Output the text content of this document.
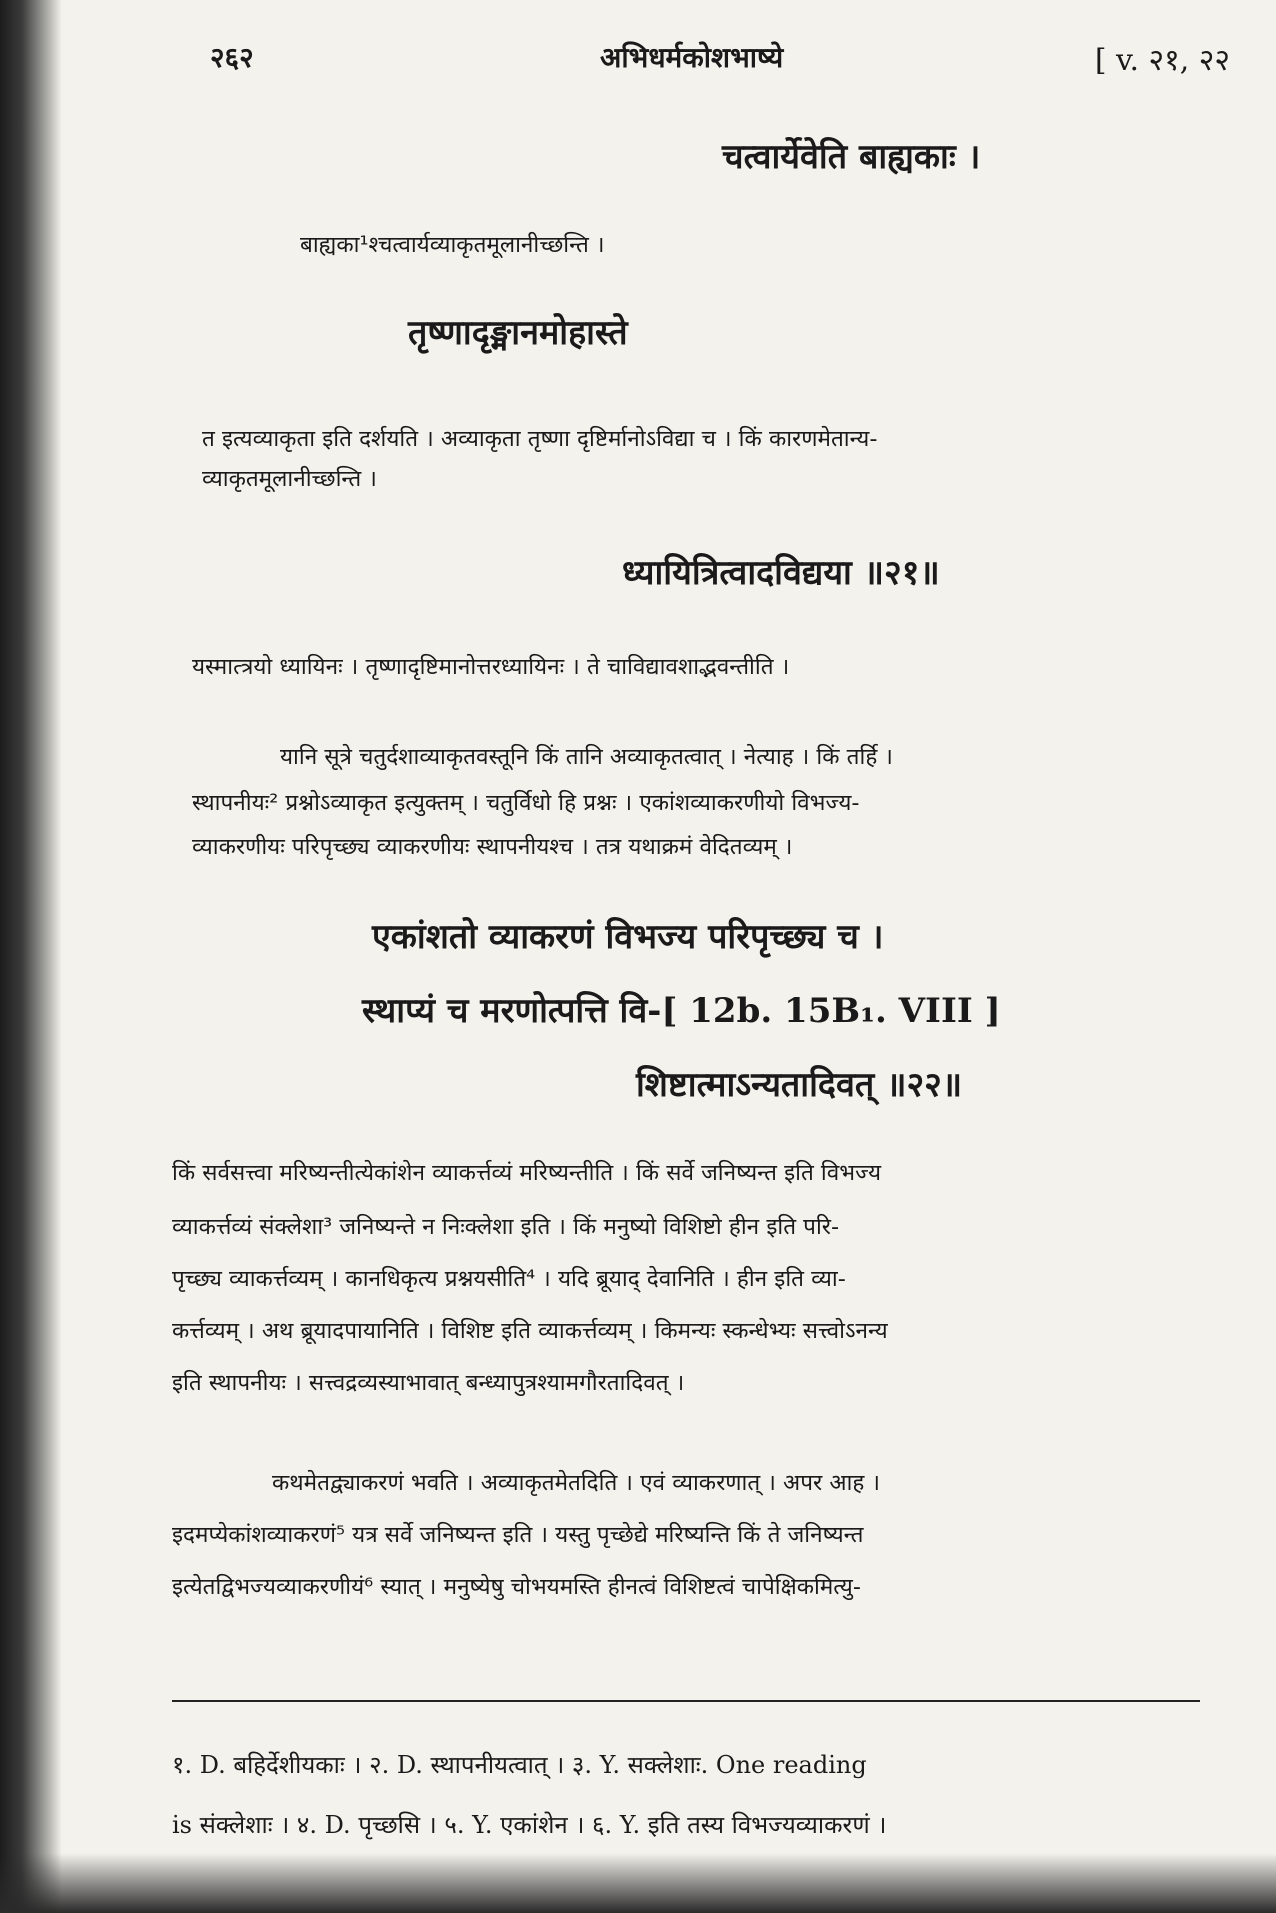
२६२	अभिधर्मकोशभाष्ये	[ v. २१, २२
चत्वार्येवेति बाह्यकाः ।
बाह्यका¹श्चत्वार्यव्याकृतमूलानीच्छन्ति ।
तृष्णादृङ्मानमोहास्ते
त इत्यव्याकृता इति दर्शयति । अव्याकृता तृष्णा दृष्टिर्मानोऽविद्या च । किं कारणमेतान्य-
व्याकृतमूलानीच्छन्ति ।
ध्यायित्रित्वादविद्यया ॥२१॥
यस्मात्त्रयो ध्यायिनः । तृष्णादृष्टिमानोत्तरध्यायिनः । ते चाविद्यावशाद्भवन्तीति ।
यानि सूत्रे चतुर्दशाव्याकृतवस्तूनि किं तानि अव्याकृतत्वात् । नेत्याह । किं तर्हि ।
स्थापनीयः² प्रश्नोऽव्याकृत इत्युक्तम् । चतुर्विधो हि प्रश्नः । एकांशव्याकरणीयो विभज्य-
व्याकरणीयः परिपृच्छ्य व्याकरणीयः स्थापनीयश्च । तत्र यथाक्रमं वेदितव्यम् ।
एकांशतो व्याकरणं विभज्य परिपृच्छ्य च ।
स्थाप्यं च मरणोत्पत्ति वि-[ 12b. 15B₁. VIII ]
शिष्टात्माऽन्यतादिवत् ॥२२॥
किं सर्वसत्त्वा मरिष्यन्तीत्येकांशेन व्याकर्त्तव्यं मरिष्यन्तीति । किं सर्वे जनिष्यन्त इति विभज्य
व्याकर्त्तव्यं संक्लेशा³ जनिष्यन्ते न निःक्लेशा इति । किं मनुष्यो विशिष्टो हीन इति परि-
पृच्छ्य व्याकर्त्तव्यम् । कानधिकृत्य प्रश्नयसीति⁴ । यदि ब्रूयाद् देवानिति । हीन इति व्या-
कर्त्तव्यम् । अथ ब्रूयादपायानिति । विशिष्ट इति व्याकर्त्तव्यम् । किमन्यः स्कन्धेभ्यः सत्त्वोऽनन्य
इति स्थापनीयः । सत्त्वद्रव्यस्याभावात् बन्ध्यापुत्रश्यामगौरतादिवत् ।
कथमेतद्व्याकरणं भवति । अव्याकृतमेतदिति । एवं व्याकरणात् । अपर आह ।
इदमप्येकांशव्याकरणं⁵ यत्र सर्वे जनिष्यन्त इति । यस्तु पृच्छेद्ये मरिष्यन्ति किं ते जनिष्यन्त
इत्येतद्विभज्यव्याकरणीयं⁶ स्यात् । मनुष्येषु चोभयमस्ति हीनत्वं विशिष्टत्वं चापेक्षिकमित्यु-
१. D. बहिर्देशीयकाः । २. D. स्थापनीयत्वात् । ३. Y. सक्लेशाः. One reading
is संक्लेशाः । ४. D. पृच्छसि । ५. Y. एकांशेन । ६. Y. इति तस्य विभज्यव्याकरणं ।
